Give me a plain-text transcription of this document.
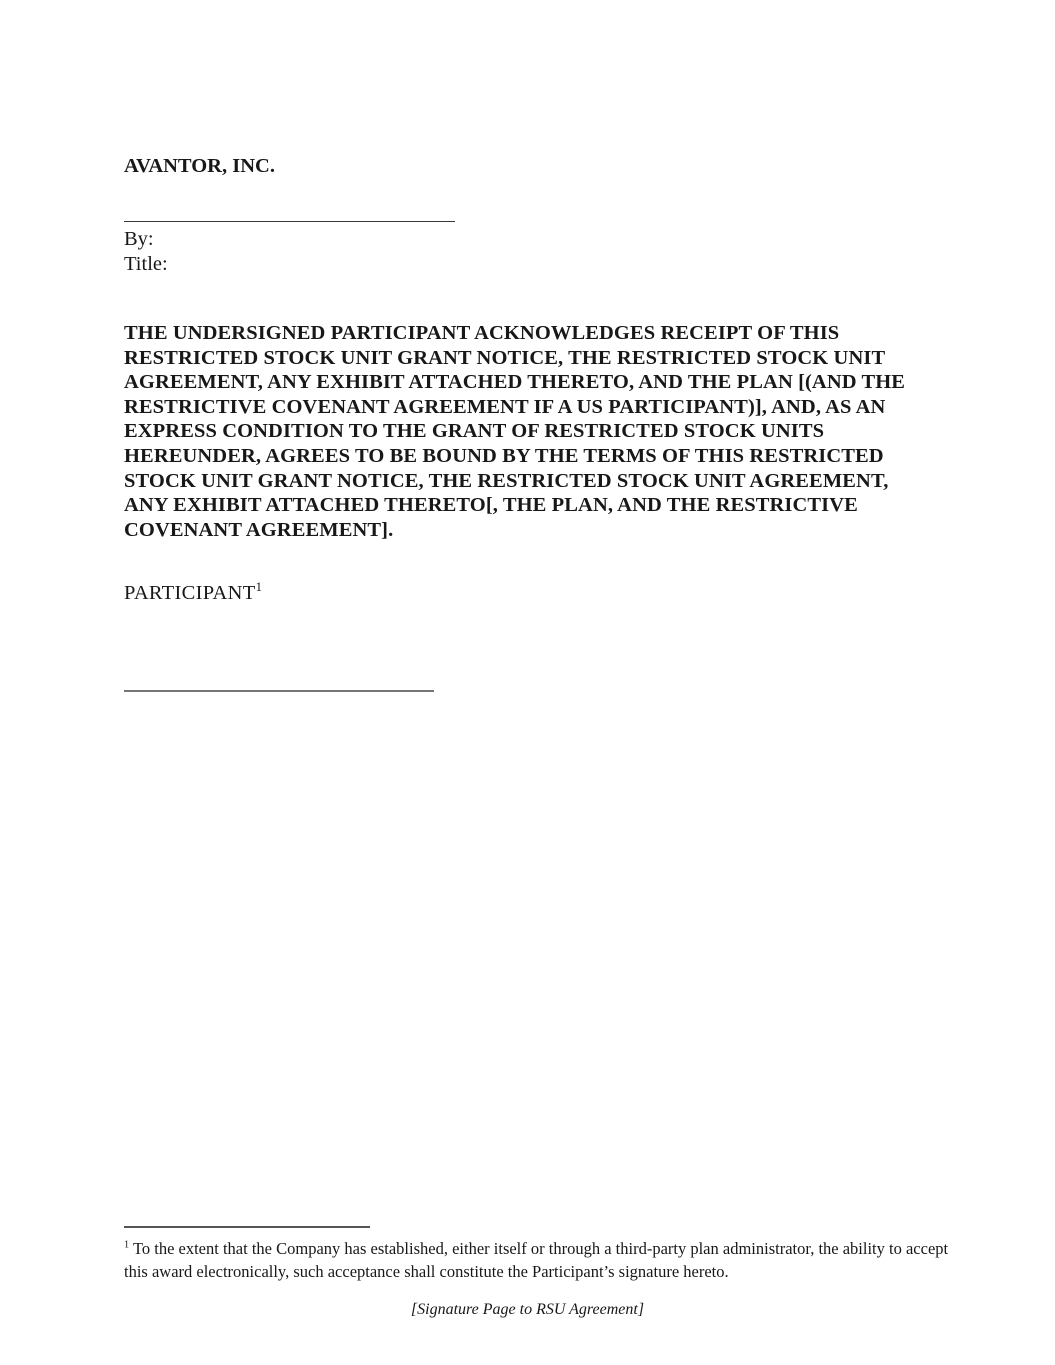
AVANTOR, INC.
By:
Title:
THE UNDERSIGNED PARTICIPANT ACKNOWLEDGES RECEIPT OF THIS
RESTRICTED STOCK UNIT GRANT NOTICE, THE RESTRICTED STOCK UNIT
AGREEMENT, ANY EXHIBIT ATTACHED THERETO, AND THE PLAN [(AND THE
RESTRICTIVE COVENANT AGREEMENT IF A US PARTICIPANT)], AND, AS AN
EXPRESS CONDITION TO THE GRANT OF RESTRICTED STOCK UNITS
HEREUNDER, AGREES TO BE BOUND BY THE TERMS OF THIS RESTRICTED
STOCK UNIT GRANT NOTICE, THE RESTRICTED STOCK UNIT AGREEMENT,
ANY EXHIBIT ATTACHED THERETO[, THE PLAN, AND THE RESTRICTIVE
COVENANT AGREEMENT].
PARTICIPANT$^1$
$^1$ To the extent that the Company has established, either itself or through a third-party plan administrator, the ability to accept this award electronically, such acceptance shall constitute the Participant’s signature hereto.
[Signature Page to RSU Agreement]
